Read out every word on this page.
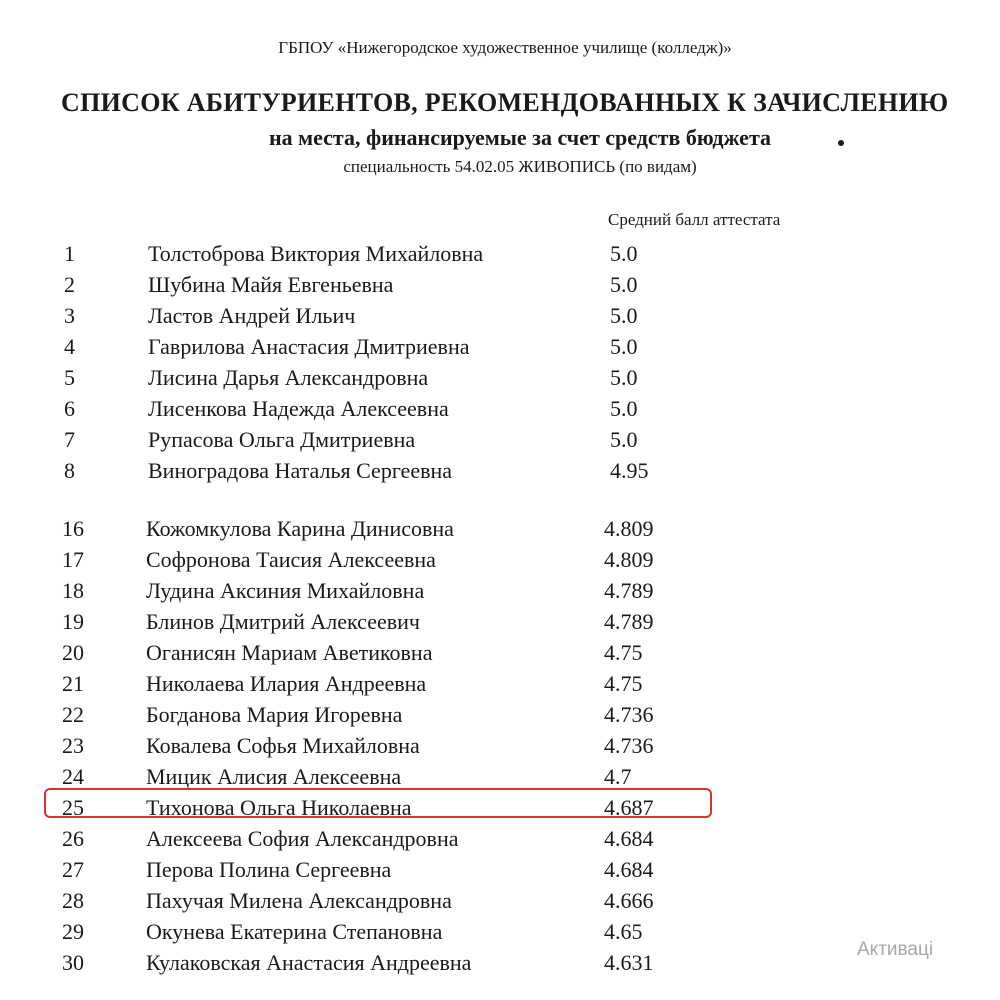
ГБПОУ «Нижегородское художественное училище (колледж)»
СПИСОК АБИТУРИЕНТОВ, РЕКОМЕНДОВАННЫХ К ЗАЧИСЛЕНИЮ
на места, финансируемые за счет средств бюджета
специальность 54.02.05 ЖИВОПИСЬ (по видам)
Средний балл аттестата
1	Толстоброва Виктория Михайловна	5.0
2	Шубина Майя Евгеньевна	5.0
3	Ластов Андрей Ильич	5.0
4	Гаврилова Анастасия Дмитриевна	5.0
5	Лисина Дарья Александровна	5.0
6	Лисенкова Надежда Алексеевна	5.0
7	Рупасова Ольга Дмитриевна	5.0
8	Виноградова Наталья Сергеевна	4.95
16	Кожомкулова Карина Динисовна	4.809
17	Софронова Таисия Алексеевна	4.809
18	Лудина Аксиния Михайловна	4.789
19	Блинов Дмитрий Алексеевич	4.789
20	Оганисян Мариам Аветиковна	4.75
21	Николаева Илария Андреевна	4.75
22	Богданова Мария Игоревна	4.736
23	Ковалева Софья Михайловна	4.736
24	Мицик Алисия Алексеевна	4.7
25	Тихонова Ольга Николаевна	4.687
26	Алексеева София Александровна	4.684
27	Перова Полина Сергеевна	4.684
28	Пахучая Милена Александровна	4.666
29	Окунева Екатерина Степановна	4.65
30	Кулаковская Анастасия Андреевна	4.631
Активаці
